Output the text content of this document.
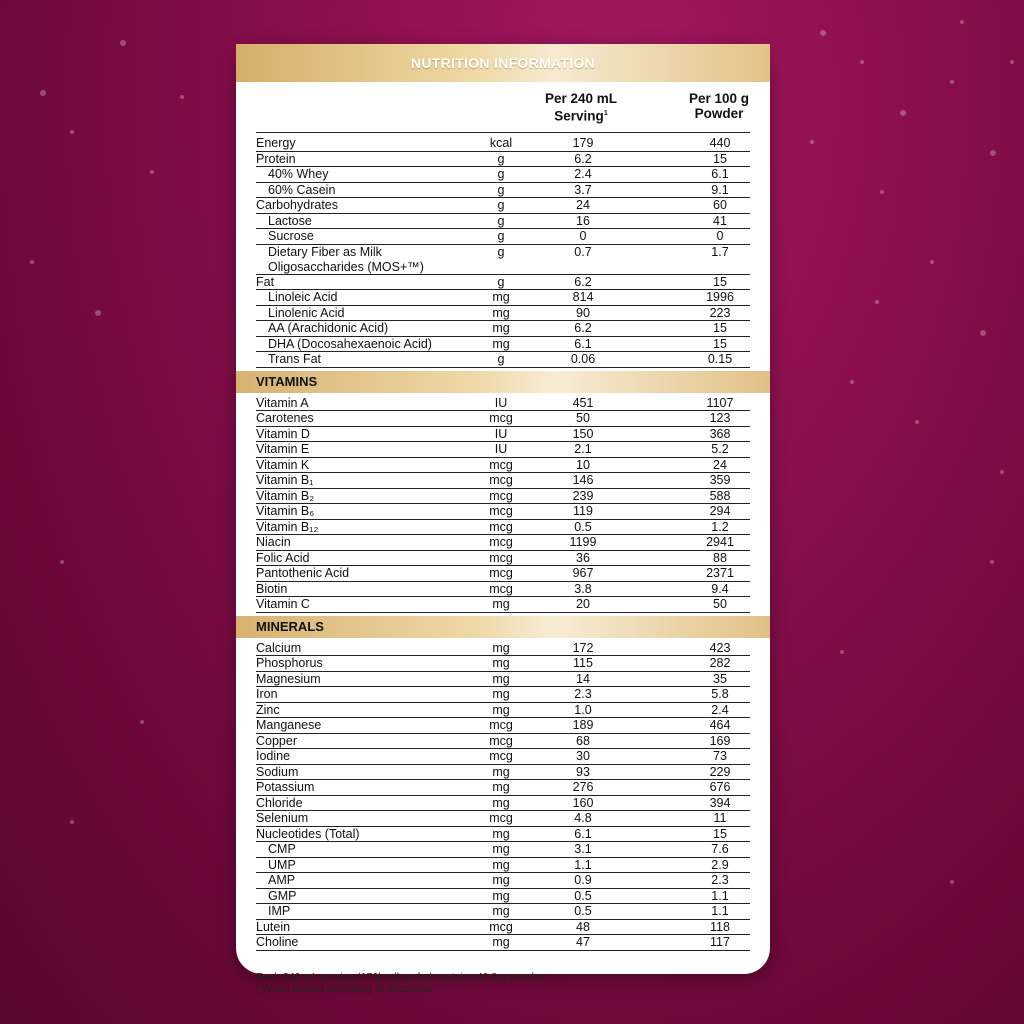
NUTRITION INFORMATION
Per 240 mL
Serving$^1$
Per 100 g
Powder
Energy	kcal	179	440
Protein	g	6.2	15
40% Whey	g	2.4	6.1
60% Casein	g	3.7	9.1
Carbohydrates	g	24	60
Lactose	g	16	41
Sucrose	g	0	0
Dietary Fiber as Milk
Oligosaccharides (MOS+™)
g	0.7	1.7
Fat	g	6.2	15
Linoleic Acid	mg	814	1996
Linolenic Acid	mg	90	223
AA (Arachidonic Acid)	mg	6.2	15
DHA (Docosahexaenoic Acid)	mg	6.1	15
Trans Fat	g	0.06	0.15
VITAMINS
Vitamin A	IU	451	1107
Carotenes	mcg	50	123
Vitamin D	IU	150	368
Vitamin E	IU	2.1	5.2
Vitamin K	mcg	10	24
Vitamin B₁	mcg	146	359
Vitamin B₂	mcg	239	588
Vitamin B₆	mcg	119	294
Vitamin B₁₂	mcg	0.5	1.2
Niacin	mcg	1199	2941
Folic Acid	mcg	36	88
Pantothenic Acid	mcg	967	2371
Biotin	mcg	3.8	9.4
Vitamin C	mg	20	50
MINERALS
Calcium	mg	172	423
Phosphorus	mg	115	282
Magnesium	mg	14	35
Iron	mg	2.3	5.8
Zinc	mg	1.0	2.4
Manganese	mcg	189	464
Copper	mcg	68	169
Iodine	mcg	30	73
Sodium	mg	93	229
Potassium	mg	276	676
Chloride	mg	160	394
Selenium	mcg	4.8	11
Nucleotides (Total)	mg	6.1	15
CMP	mg	3.1	7.6
UMP	mg	1.1	2.9
AMP	mg	0.9	2.3
GMP	mg	0.5	1.1
IMP	mg	0.5	1.1
Lutein	mcg	48	118
Choline	mg	47	117
Each 240 mL serving (179kcal) as fed contains 40.8 g powder.
¹ When diluted according to directions
